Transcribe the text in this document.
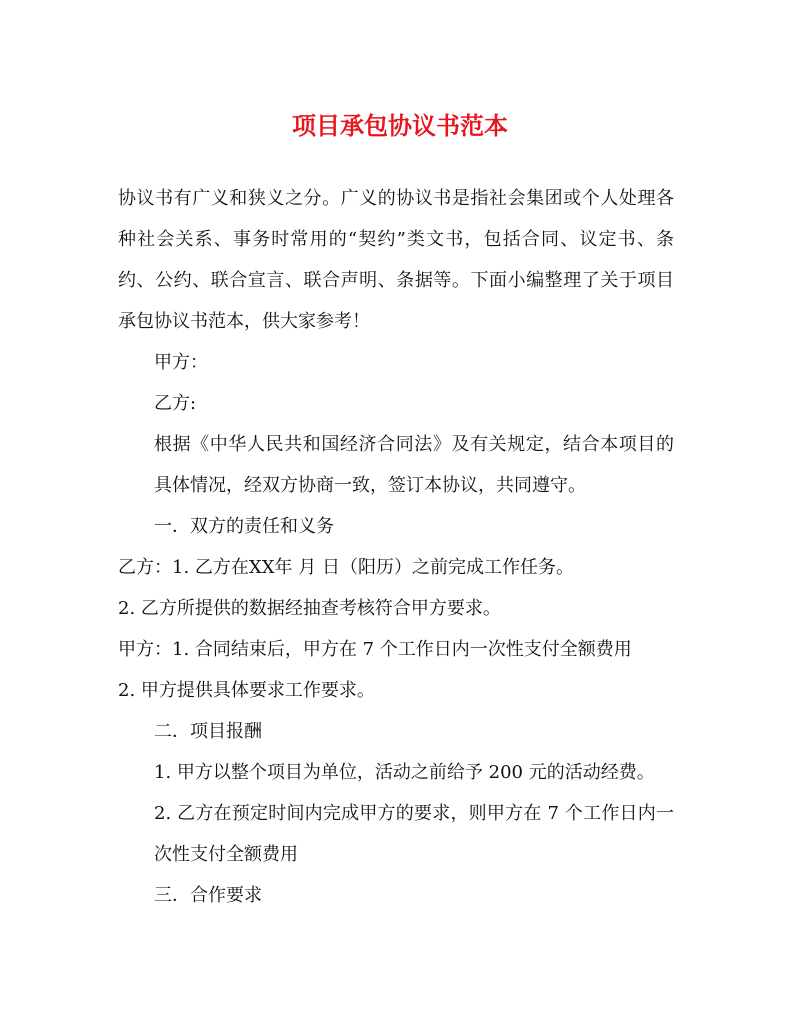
项目承包协议书范本

协议书有广义和狭义之分。广义的协议书是指社会集团或个人处理各种社会关系、事务时常用的“契约”类文书，包括合同、议定书、条约、公约、联合宣言、联合声明、条据等。下面小编整理了关于项目承包协议书范本，供大家参考！

甲方：

乙方:

根据《中华人民共和国经济合同法》及有关规定，结合本项目的具体情况，经双方协商一致，签订本协议，共同遵守。

一．双方的责任和义务

乙方：1. 乙方在XX年 月 日（阳历）之前完成工作任务。

2. 乙方所提供的数据经抽查考核符合甲方要求。

甲方：1. 合同结束后，甲方在 7 个工作日内一次性支付全额费用

2. 甲方提供具体要求工作要求。

二．项目报酬

1. 甲方以整个项目为单位，活动之前给予 200 元的活动经费。

2. 乙方在预定时间内完成甲方的要求，则甲方在 7 个工作日内一次性支付全额费用

三．合作要求
